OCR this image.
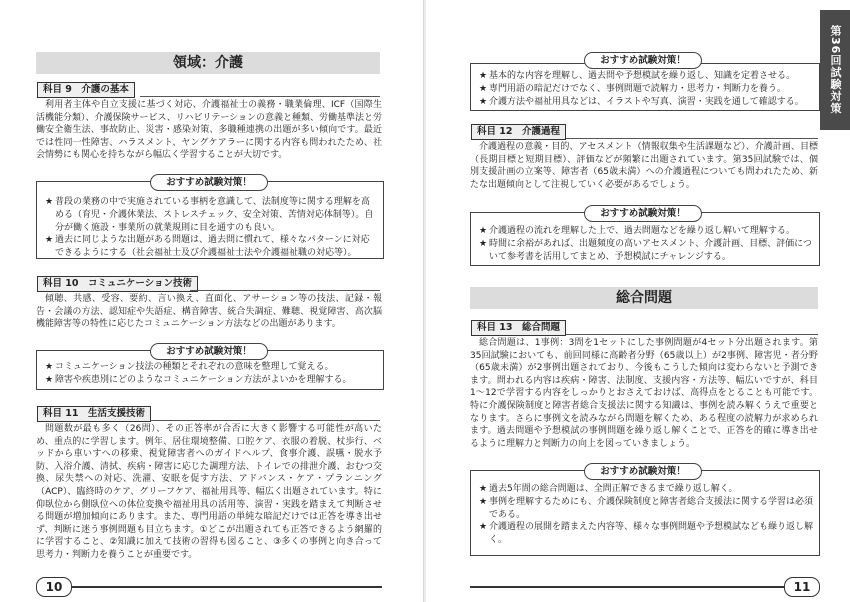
領域：介護
科目 9　介護の基本

利用者主体や自立支援に基づく対応、介護福祉士の義務・職業倫理、ICF（国際生活機能分類）、介護保険サービス、リハビリテーションの意義と種類、労働基準法と労働安全衛生法、事故防止、災害・感染対策、多職種連携の出題が多い傾向です。最近では性同一性障害、ハラスメント、ヤングケアラーに関する内容も問われたため、社会情勢にも関心を持ちながら幅広く学習することが大切です。

★ 普段の業務の中で実施されている事柄を意識して、法制度等に関する理解を高める（育児・介護休業法、ストレスチェック、安全対策、苦情対応体制等）。自分が働く施設・事業所の就業規則に目を通すのも良い。

★ 過去に同じような出題がある問題は、過去問に慣れて、様々なパターンに対応できるようにする（社会福祉士及び介護福祉士法や介護福祉職の対応等）。

おすすめ試験対策！
科目 10　コミュニケーション技術

傾聴、共感、受容、要約、言い換え、直面化、アサーション等の技法、記録・報告・会議の方法、認知症や失語症、構音障害、統合失調症、難聴、視覚障害、高次脳機能障害等の特性に応じたコミュニケーション方法などの出題があります。

★ コミュニケーション技法の種類とそれぞれの意味を整理して覚える。

★ 障害や疾患別にどのようなコミュニケーション方法がよいかを理解する。

おすすめ試験対策！
科目 11　生活支援技術

問題数が最も多く（26問）、その正答率が合否に大きく影響する可能性が高いため、重点的に学習します。例年、居住環境整備、口腔ケア、衣服の着脱、杖歩行、ベッドから車いすへの移乗、視覚障害者へのガイドヘルプ、食事介護、誤嚥・脱水予防、入浴介護、清拭、疾病・障害に応じた調理方法、トイレでの排泄介護、おむつ交換、尿失禁への対応、洗濯、安眠を促す方法、アドバンス・ケア・プランニング（ACP）、臨終時のケア、グリーフケア、福祉用具等、幅広く出題されています。特に仰臥位から側臥位への体位変換や福祉用具の活用等、演習・実践を踏まえて判断させる問題が増加傾向にあります。また、専門用語の単純な暗記だけでは正答を導き出せず、判断に迷う事例問題も目立ちます。①どこが出題されても正答できるよう網羅的に学習すること、②知識に加えて技術の習得も図ること、③多くの事例と向き合って思考力・判断力を養うことが重要です。

10

★ 基本的な内容を理解し、過去問や予想模試を繰り返し、知識を定着させる。

★ 専門用語の暗記だけでなく、事例問題で読解力・思考力・判断力を養う。

★ 介護方法や福祉用具などは、イラストや写真、演習・実践を通して確認する。

おすすめ試験対策！
科目 12　介護過程

介護過程の意義・目的、アセスメント（情報収集や生活課題など）、介護計画、目標（長期目標と短期目標）、評価などが頻繁に出題されています。第35回試験では、個別支援計画の立案等、障害者（65歳未満）への介護過程についても問われたため、新たな出題傾向として注視していく必要があるでしょう。

★ 介護過程の流れを理解した上で、過去問題などを繰り返し解いて理解する。

★ 時間に余裕があれば、出題頻度の高いアセスメント、介護計画、目標、評価について参考書を活用してまとめ、予想模試にチャレンジする。

おすすめ試験対策！
総合問題
科目 13　総合問題

総合問題は、1事例：3問を1セットにした事例問題が4セット分出題されます。第35回試験においても、前回同様に高齢者分野（65歳以上）が2事例、障害児・者分野（65歳未満）が2事例出題されており、今後もこうした傾向は変わらないと予測できます。問われる内容は疾病・障害、法制度、支援内容・方法等、幅広いですが、科目1〜12で学習する内容をしっかりとおさえておけば、高得点をとることも可能です。特に介護保険制度と障害者総合支援法に関する知識は、事例を読み解くうえで重要となります。さらに事例文を読みながら問題を解くため、ある程度の読解力が求められます。過去問題や予想模試の事例問題を繰り返し解くことで、正答を的確に導き出せるように理解力と判断力の向上を図っていきましょう。

★ 過去5年間の総合問題は、全問正解できるまで繰り返し解く。

★ 事例を理解するためにも、介護保険制度と障害者総合支援法に関する学習は必須である。

★ 介護過程の展開を踏まえた内容等、様々な事例問題や予想模試なども繰り返し解く。

おすすめ試験対策！
11
第36回試験対策
